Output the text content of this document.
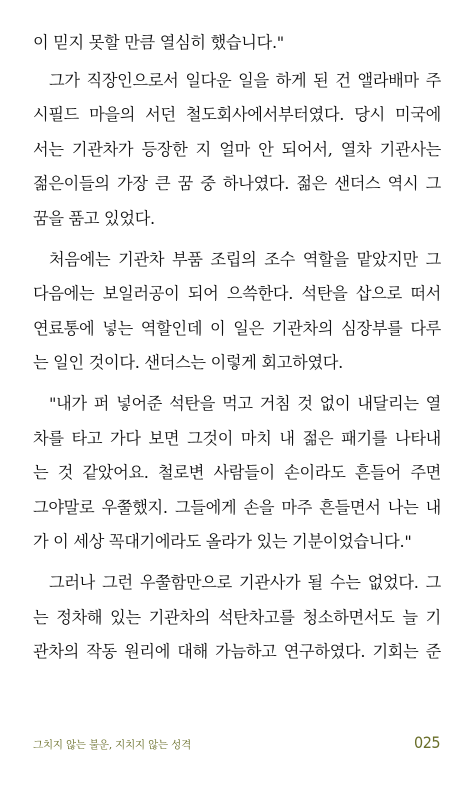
이 믿지 못할 만큼 열심히 했습니다."
그가 직장인으로서 일다운 일을 하게 된 건 앨라배마 주
시필드 마을의 서던 철도회사에서부터였다. 당시 미국에
서는 기관차가 등장한 지 얼마 안 되어서, 열차 기관사는
젊은이들의 가장 큰 꿈 중 하나였다. 젊은 샌더스 역시 그
꿈을 품고 있었다.
처음에는 기관차 부품 조립의 조수 역할을 맡았지만 그
다음에는 보일러공이 되어 으쓱한다. 석탄을 삽으로 떠서
연료통에 넣는 역할인데 이 일은 기관차의 심장부를 다루
는 일인 것이다. 샌더스는 이렇게 회고하였다.
"내가 퍼 넣어준 석탄을 먹고 거침 것 없이 내달리는 열
차를 타고 가다 보면 그것이 마치 내 젊은 패기를 나타내
는 것 같았어요. 철로변 사람들이 손이라도 흔들어 주면
그야말로 우쭐했지. 그들에게 손을 마주 흔들면서 나는 내
가 이 세상 꼭대기에라도 올라가 있는 기분이었습니다."
그러나 그런 우쭐함만으로 기관사가 될 수는 없었다. 그
는 정차해 있는 기관차의 석탄차고를 청소하면서도 늘 기
관차의 작동 원리에 대해 가늠하고 연구하였다. 기회는 준
그치지 않는 불운, 지치지 않는 성격	025
